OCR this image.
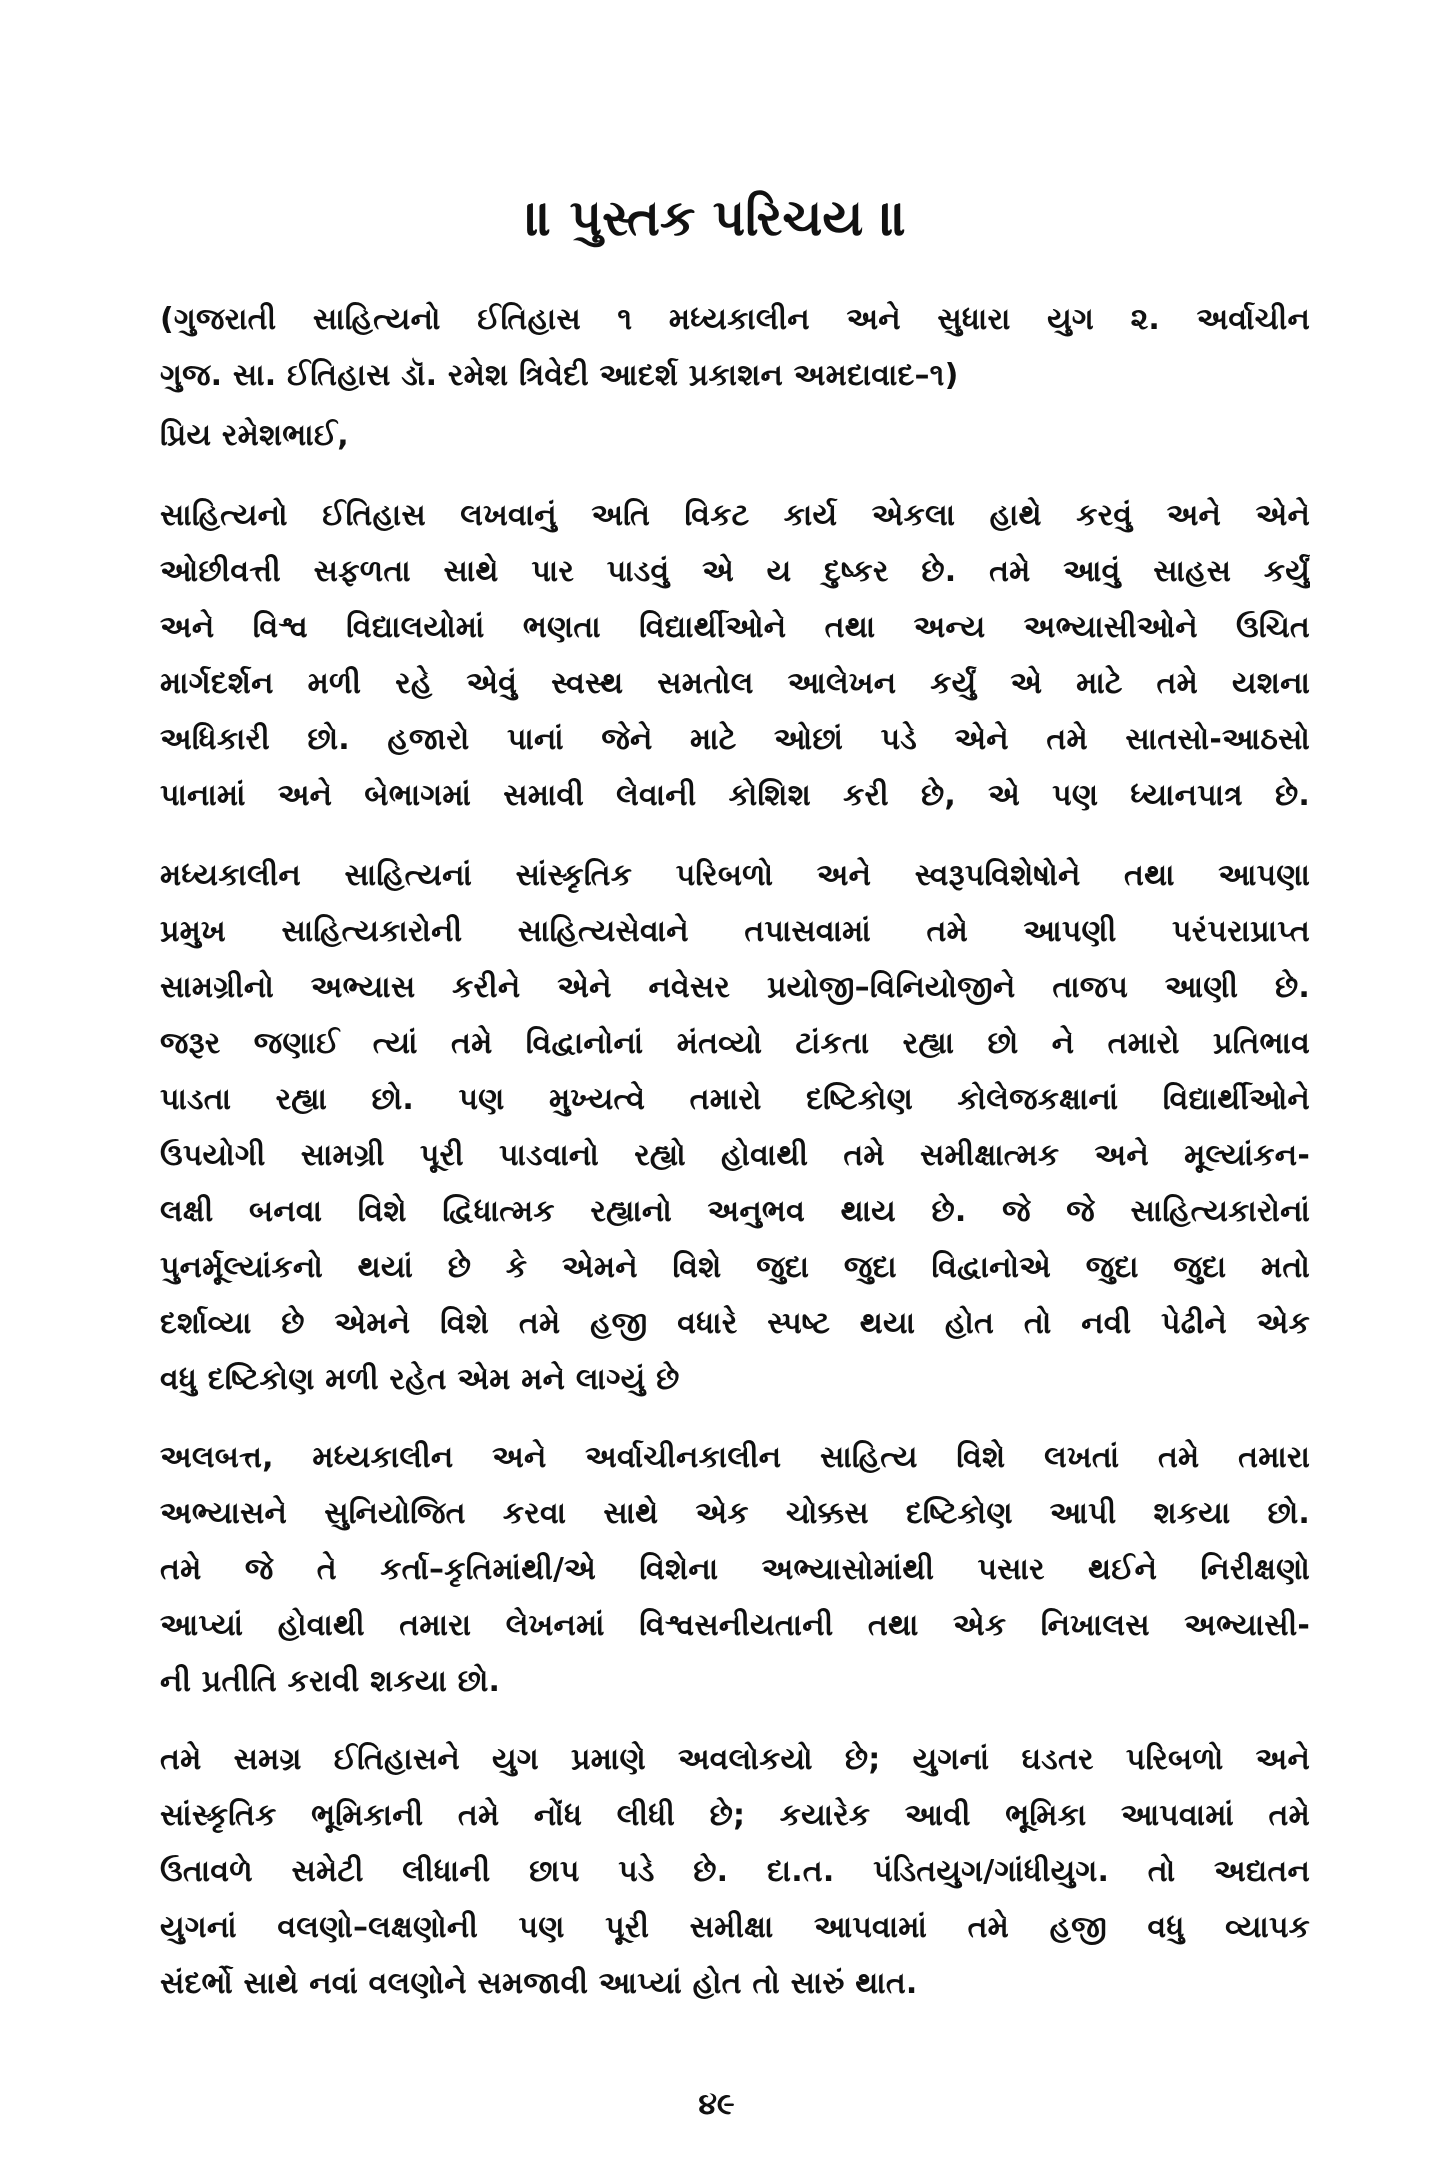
॥ પુસ્તક પરિચય ॥
(ગુજરાતી સાહિત્યનો ઈતિહાસ ૧ મધ્યકાલીન અને સુધારા યુગ ૨. અર્વાચીન
ગુજ. સા. ઈતિહાસ ડૉ. રમેશ ત્રિવેદી આદર્શ પ્રકાશન અમદાવાદ–૧)
પ્રિય રમેશભાઈ,
સાહિત્યનો ઈતિહાસ લખવાનું અતિ વિકટ કાર્ય એકલા હાથે કરવું અને એને
ઓછીવત્તી સફળતા સાથે પાર પાડવું એ ય દુષ્કર છે. તમે આવું સાહસ કર્યું
અને વિશ્વ વિદ્યાલયોમાં ભણતા વિદ્યાર્થીઓને તથા અન્ય અભ્યાસીઓને ઉચિત
માર્ગદર્શન મળી રહે એવું સ્વસ્થ સમતોલ આલેખન કર્યું એ માટે તમે યશના
અધિકારી છો. હજારો પાનાં જેને માટે ઓછાં પડે એને તમે સાતસો-આઠસો
પાનામાં અને બેભાગમાં સમાવી લેવાની કોશિશ કરી છે, એ પણ ધ્યાનપાત્ર છે.
મધ્યકાલીન સાહિત્યનાં સાંસ્કૃતિક પરિબળો અને સ્વરૂપવિશેષોને તથા આપણા
પ્રમુખ સાહિત્યકારોની સાહિત્યસેવાને તપાસવામાં તમે આપણી પરંપરાપ્રાપ્ત
સામગ્રીનો અભ્યાસ કરીને એને નવેસર પ્રયોજી–વિનિયોજીને તાજપ આણી છે.
જરૂર જણાઈ ત્યાં તમે વિદ્વાનોનાં મંતવ્યો ટાંકતા રહ્યા છો ને તમારો પ્રતિભાવ
પાડતા રહ્યા છો. પણ મુખ્યત્વે તમારો દષ્ટિકોણ કોલેજકક્ષાનાં વિદ્યાર્થીઓને
ઉપયોગી સામગ્રી પૂરી પાડવાનો રહ્યો હોવાથી તમે સમીક્ષાત્મક અને મૂલ્યાંકન-
લક્ષી બનવા વિશે દ્વિધાત્મક રહ્યાનો અનુભવ થાય છે. જે જે સાહિત્યકારોનાં
પુનર્મૂલ્યાંકનો થયાં છે કે એમને વિશે જુદા જુદા વિદ્વાનોએ જુદા જુદા મતો
દર્શાવ્યા છે એમને વિશે તમે હજી વધારે સ્પષ્ટ થયા હોત તો નવી પેઢીને એક
વધુ દષ્ટિકોણ મળી રહેત એમ મને લાગ્યું છે
અલબત્ત, મધ્યકાલીન અને અર્વાચીનકાલીન સાહિત્ય વિશે લખતાં તમે તમારા
અભ્યાસને સુનિયોજિત કરવા સાથે એક ચોક્કસ દષ્ટિકોણ આપી શકયા છો.
તમે જે તે કર્તા–કૃતિમાંથી/એ વિશેના અભ્યાસોમાંથી પસાર થઈને નિરીક્ષણો
આપ્યાં હોવાથી તમારા લેખનમાં વિશ્વસનીયતાની તથા એક નિખાલસ અભ્યાસી-
ની પ્રતીતિ કરાવી શકયા છો.
તમે સમગ્ર ઈતિહાસને યુગ પ્રમાણે અવલોકયો છે; યુગનાં ઘડતર પરિબળો અને
સાંસ્કૃતિક ભૂમિકાની તમે નોંધ લીધી છે; કયારેક આવી ભૂમિકા આપવામાં તમે
ઉતાવળે સમેટી લીધાની છાપ પડે છે. દા.ત. પંડિતયુગ/ગાંધીયુગ. તો અદ્યતન
યુગનાં વલણો–લક્ષણોની પણ પૂરી સમીક્ષા આપવામાં તમે હજી વધુ વ્યાપક
સંદર્ભો સાથે નવાં વલણોને સમજાવી આપ્યાં હોત તો સારું થાત.
૪૯
